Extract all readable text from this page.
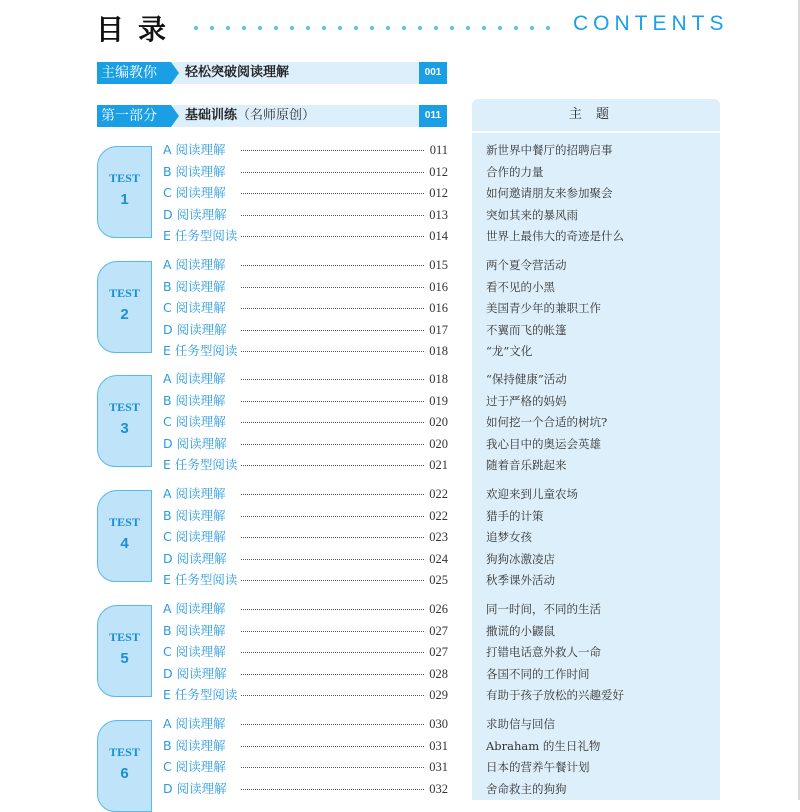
目录	CONTENTS
主编教你	轻松突破阅读理解	001
第一部分	基础训练（名师原创）	011	主题
TEST
1
A 阅读理解	011	新世界中餐厅的招聘启事
B 阅读理解	012	合作的力量
C 阅读理解	012	如何邀请朋友来参加聚会
D 阅读理解	013	突如其来的暴风雨
E 任务型阅读	014	世界上最伟大的奇迹是什么
TEST
2
A 阅读理解	015	两个夏令营活动
B 阅读理解	016	看不见的小黑
C 阅读理解	016	美国青少年的兼职工作
D 阅读理解	017	不翼而飞的帐篷
E 任务型阅读	018	“龙”文化
TEST
3
A 阅读理解	018	“保持健康”活动
B 阅读理解	019	过于严格的妈妈
C 阅读理解	020	如何挖一个合适的树坑?
D 阅读理解	020	我心目中的奥运会英雄
E 任务型阅读	021	随着音乐跳起来
TEST
4
A 阅读理解	022	欢迎来到儿童农场
B 阅读理解	022	猎手的计策
C 阅读理解	023	追梦女孩
D 阅读理解	024	狗狗冰激凌店
E 任务型阅读	025	秋季课外活动
TEST
5
A 阅读理解	026	同一时间，不同的生活
B 阅读理解	027	撒谎的小鼹鼠
C 阅读理解	027	打错电话意外救人一命
D 阅读理解	028	各国不同的工作时间
E 任务型阅读	029	有助于孩子放松的兴趣爱好
TEST
6
A 阅读理解	030	求助信与回信
B 阅读理解	031	Abraham 的生日礼物
C 阅读理解	031	日本的营养午餐计划
D 阅读理解	032	舍命救主的狗狗
